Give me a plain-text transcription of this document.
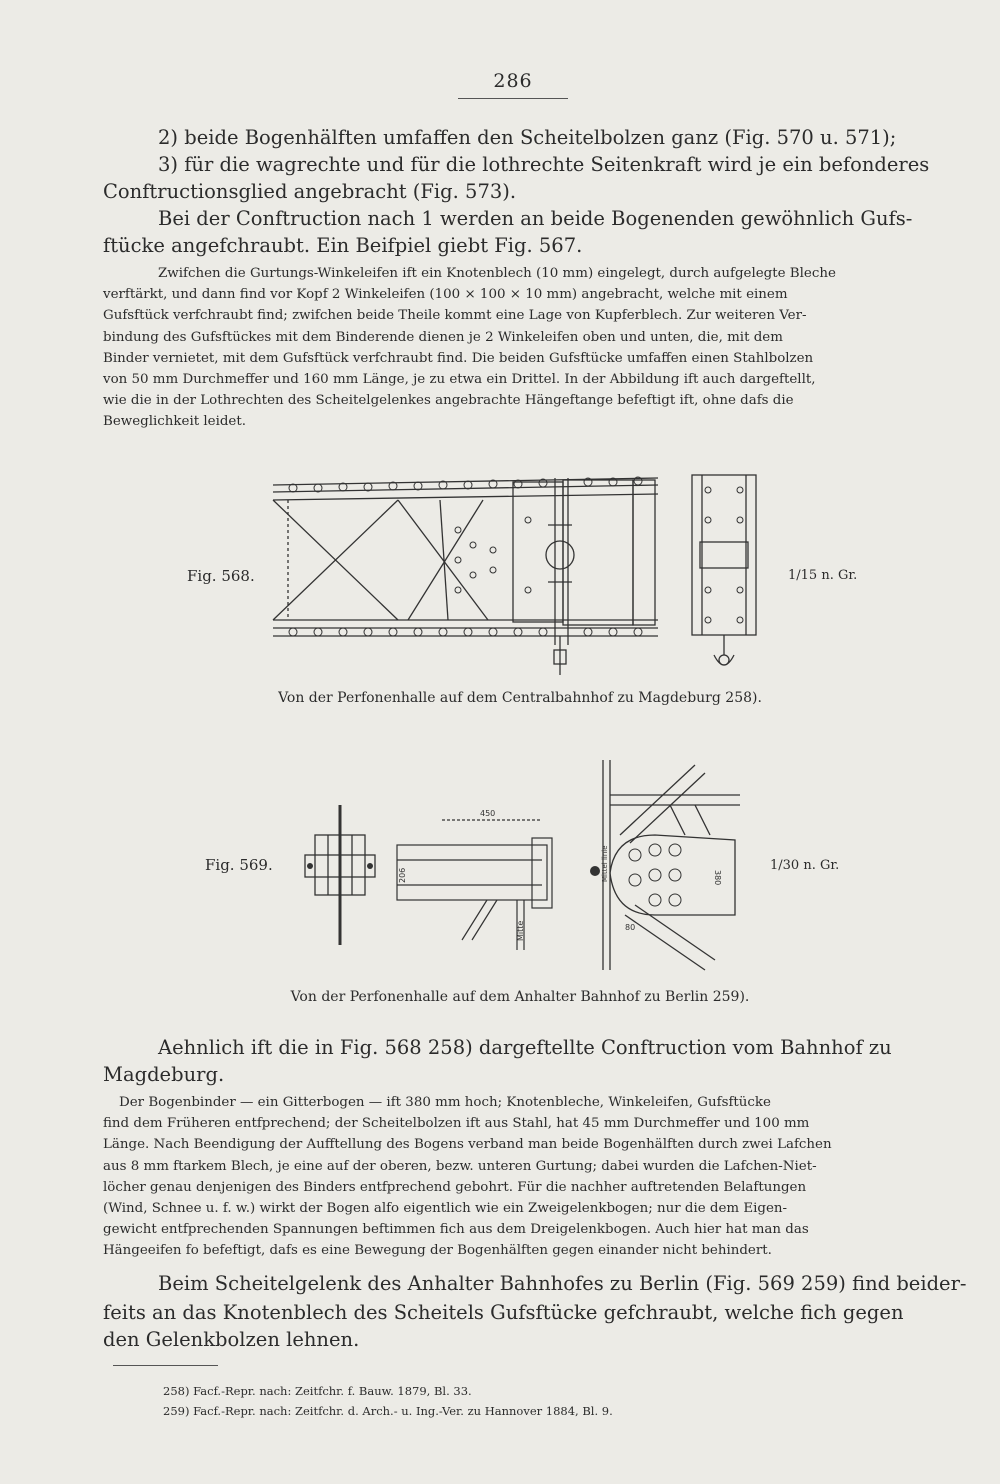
286

2) beide Bogenhälften umfaffen den Scheitelbolzen ganz (Fig. 570 u. 571);

3) für die wagrechte und für die lothrechte Seitenkraft wird je ein befonderes

Conftructionsglied angebracht (Fig. 573).

Bei der Conftruction nach 1 werden an beide Bogenenden gewöhnlich Gufs-

ftücke angefchraubt. Ein Beifpiel giebt Fig. 567.

Zwifchen die Gurtungs-Winkeleifen ift ein Knotenblech (10 mm) eingelegt, durch aufgelegte Bleche
verftärkt, und dann find vor Kopf 2 Winkeleifen (100 × 100 × 10 mm) angebracht, welche mit einem
Gufsftück verfchraubt find; zwifchen beide Theile kommt eine Lage von Kupferblech. Zur weiteren Ver-
bindung des Gufsftückes mit dem Binderende dienen je 2 Winkeleifen oben und unten, die, mit dem
Binder vernietet, mit dem Gufsftück verfchraubt find. Die beiden Gufsftücke umfaffen einen Stahlbolzen
von 50 mm Durchmeffer und 160 mm Länge, je zu etwa ein Drittel. In der Abbildung ift auch dargeftellt,
wie die in der Lothrechten des Scheitelgelenkes angebrachte Hängeftange befeftigt ift, ohne dafs die
Beweglichkeit leidet.
Fig. 568.	1/15 n. Gr.
Von der Perfonenhalle auf dem Centralbahnhof zu Magdeburg 258).
Fig. 569.	1/30 n. Gr.
450
206
Mitte
380
80
Mittel linie
Von der Perfonenhalle auf dem Anhalter Bahnhof zu Berlin 259).

Aehnlich ift die in Fig. 568 258) dargeftellte Conftruction vom Bahnhof zu

Magdeburg.

Der Bogenbinder — ein Gitterbogen — ift 380 mm hoch; Knotenbleche, Winkeleifen, Gufsftücke
find dem Früheren entfprechend; der Scheitelbolzen ift aus Stahl, hat 45 mm Durchmeffer und 100 mm
Länge. Nach Beendigung der Aufftellung des Bogens verband man beide Bogenhälften durch zwei Lafchen
aus 8 mm ftarkem Blech, je eine auf der oberen, bezw. unteren Gurtung; dabei wurden die Lafchen-Niet-
löcher genau denjenigen des Binders entfprechend gebohrt. Für die nachher auftretenden Belaftungen
(Wind, Schnee u. f. w.) wirkt der Bogen alfo eigentlich wie ein Zweigelenkbogen; nur die dem Eigen-
gewicht entfprechenden Spannungen beftimmen fich aus dem Dreigelenkbogen. Auch hier hat man das
Hängeeifen fo befeftigt, dafs es eine Bewegung der Bogenhälften gegen einander nicht behindert.

Beim Scheitelgelenk des Anhalter Bahnhofes zu Berlin (Fig. 569 259) find beider-

feits an das Knotenblech des Scheitels Gufsftücke gefchraubt, welche fich gegen

den Gelenkbolzen lehnen.

258) Facf.-Repr. nach: Zeitfchr. f. Bauw. 1879, Bl. 33.
259) Facf.-Repr. nach: Zeitfchr. d. Arch.- u. Ing.-Ver. zu Hannover 1884, Bl. 9.
